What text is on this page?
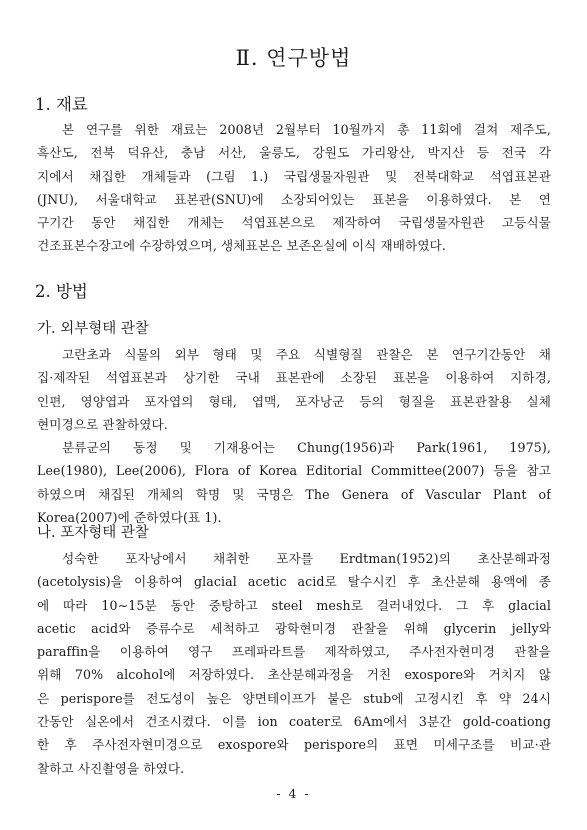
Ⅱ. 연구방법
1. 재료
본 연구를 위한 재료는 2008년 2월부터 10월까지 총 11회에 걸쳐 제주도,
흑산도, 전북 덕유산, 충남 서산, 울릉도, 강원도 가리왕산, 박지산 등 전국 각
지에서 채집한 개체들과 (그림 1.) 국립생물자원관 및 전북대학교 석엽표본관
(JNU), 서울대학교 표본관(SNU)에 소장되어있는 표본을 이용하였다. 본 연
구기간 동안 채집한 개체는 석엽표본으로 제작하여 국립생물자원관 고등식물
건조표본수장고에 수장하였으며, 생체표본은 보존온실에 이식 재배하였다.
2. 방법
가. 외부형태 관찰
고란초과 식물의 외부 형태 및 주요 식별형질 관찰은 본 연구기간동안 채
집·제작된 석엽표본과 상기한 국내 표본관에 소장된 표본을 이용하여 지하경,
인편, 영양엽과 포자엽의 형태, 엽맥, 포자낭군 등의 형질을 표본관찰용 실체
현미경으로 관찰하였다.
분류군의 동정 및 기재용어는 Chung(1956)과 Park(1961, 1975),
Lee(1980), Lee(2006), Flora of Korea Editorial Committee(2007) 등을 참고
하였으며 채집된 개체의 학명 및 국명은 The Genera of Vascular Plant of
Korea(2007)에 준하였다(표 1).
나. 포자형태 관찰
성숙한 포자낭에서 채취한 포자를 Erdtman(1952)의 초산분해과정
(acetolysis)을 이용하여 glacial acetic acid로 탈수시킨 후 초산분해 용액에 종
에 따라 10∼15분 동안 중탕하고 steel mesh로 걸러내었다. 그 후 glacial
acetic acid와 증류수로 세척하고 광학현미경 관찰을 위해 glycerin jelly와
paraffin을 이용하여 영구 프레파라트를 제작하였고, 주사전자현미경 관찰을
위해 70% alcohol에 저장하였다. 초산분해과정을 거친 exospore와 거치지 않
은 perispore를 전도성이 높은 양면테이프가 붙은 stub에 고정시킨 후 약 24시
간동안 실온에서 건조시켰다. 이를 ion coater로 6Am에서 3분간 gold-coationg
한 후 주사전자현미경으로 exospore와 perispore의 표면 미세구조를 비교·관
찰하고 사진촬영을 하였다.
- 4 -
